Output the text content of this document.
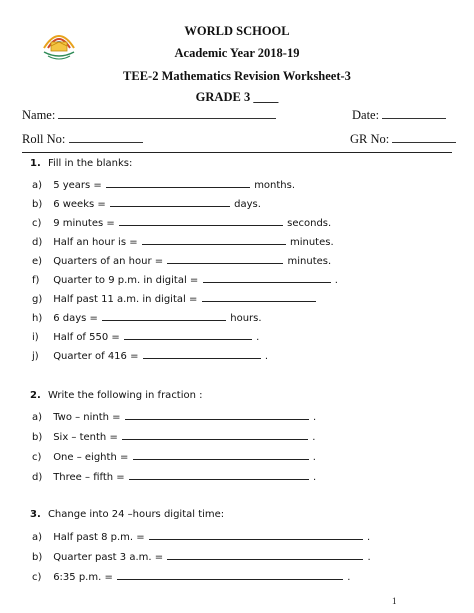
WORLD SCHOOL
Academic Year 2018-19
TEE-2 Mathematics Revision Worksheet-3
GRADE 3 ____
Name:	Date:
Roll No:	GR No:
1. Fill in the blanks:
a) 5 years =	months.
b) 6 weeks =	days.
c) 9 minutes =	seconds.
d) Half an hour is =	minutes.
e) Quarters of an hour =	minutes.
f) Quarter to 9 p.m. in digital =	.
g) Half past 11 a.m. in digital =
h) 6 days =	hours.
i) Half of 550 =	.
j) Quarter of 416 =	.
2. Write the following in fraction :
a) Two – ninth =	.
b) Six – tenth =	.
c) One – eighth =	.
d) Three – fifth =	.
3. Change into 24 –hours digital time:
a) Half past 8 p.m. =	.
b) Quarter past 3 a.m. =	.
c) 6:35 p.m. =	.
1
